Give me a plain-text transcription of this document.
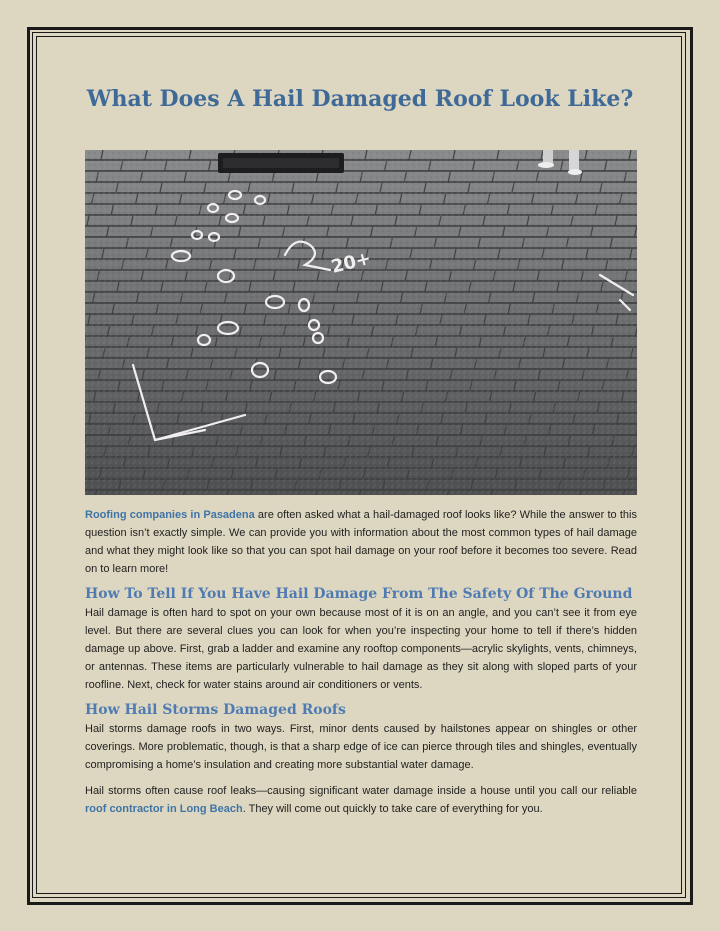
What Does A Hail Damaged Roof Look Like?
20+

Roofing companies in Pasadena are often asked what a hail-damaged roof looks like? While the answer to this question isn’t exactly simple. We can provide you with information about the most common types of hail damage and what they might look like so that you can spot hail damage on your roof before it becomes too severe. Read on to learn more!

How To Tell If You Have Hail Damage From The Safety Of The Ground

Hail damage is often hard to spot on your own because most of it is on an angle, and you can’t see it from eye level. But there are several clues you can look for when you’re inspecting your home to tell if there’s hidden damage up above. First, grab a ladder and examine any rooftop components—acrylic skylights, vents, chimneys, or antennas. These items are particularly vulnerable to hail damage as they sit along with sloped parts of your roofline. Next, check for water stains around air conditioners or vents.

How Hail Storms Damaged Roofs

Hail storms damage roofs in two ways. First, minor dents caused by hailstones appear on shingles or other coverings. More problematic, though, is that a sharp edge of ice can pierce through tiles and shingles, eventually compromising a home’s insulation and creating more substantial water damage.

Hail storms often cause roof leaks—causing significant water damage inside a house until you call our reliable roof contractor in Long Beach. They will come out quickly to take care of everything for you.
